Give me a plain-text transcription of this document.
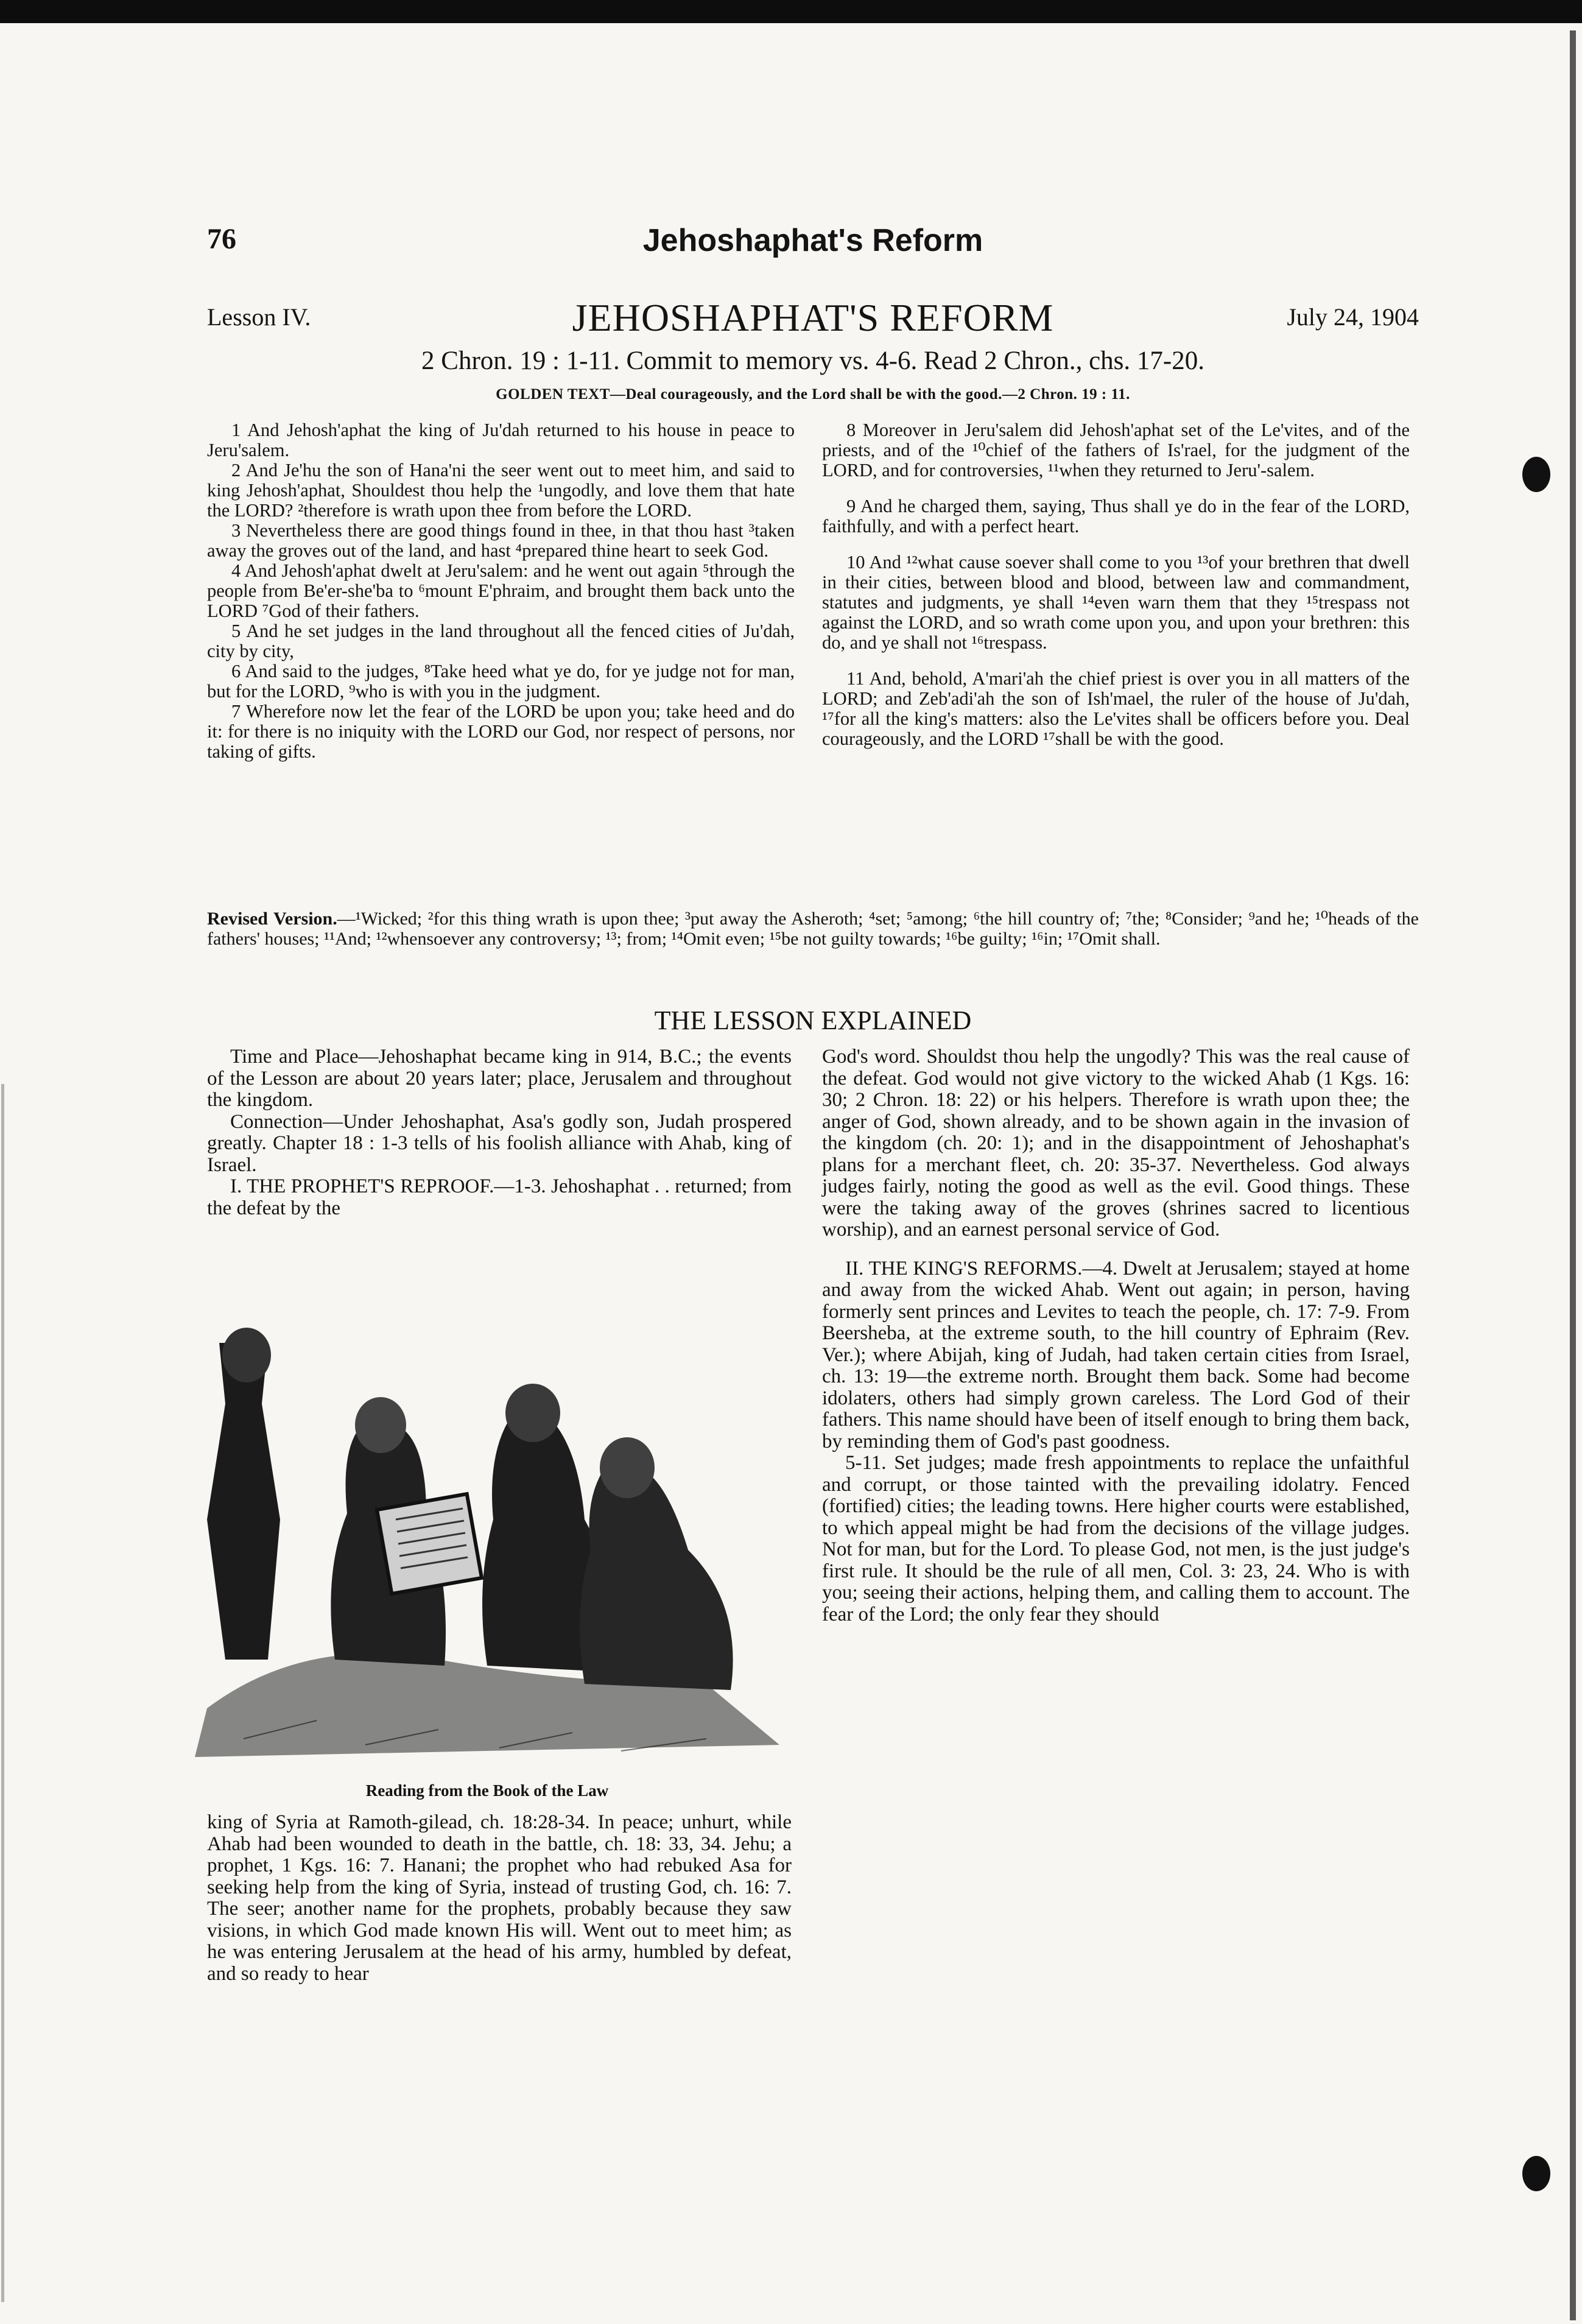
76	Jehoshaphat's Reform
Lesson IV.	JEHOSHAPHAT'S REFORM	July 24, 1904
2 Chron. 19 : 1-11. Commit to memory vs. 4-6. Read 2 Chron., chs. 17-20.
GOLDEN TEXT—Deal courageously, and the Lord shall be with the good.—2 Chron. 19 : 11.

1 And Jehosh'aphat the king of Ju'dah returned to his house in peace to Jeru'salem.

2 And Je'hu the son of Hana'ni the seer went out to meet him, and said to king Jehosh'aphat, Shouldest thou help the ¹ungodly, and love them that hate the LORD? ²therefore is wrath upon thee from before the LORD.

3 Nevertheless there are good things found in thee, in that thou hast ³taken away the groves out of the land, and hast ⁴prepared thine heart to seek God.

4 And Jehosh'aphat dwelt at Jeru'salem: and he went out again ⁵through the people from Be'er-she'ba to ⁶mount E'phraim, and brought them back unto the LORD ⁷God of their fathers.

5 And he set judges in the land throughout all the fenced cities of Ju'dah, city by city,

6 And said to the judges, ⁸Take heed what ye do, for ye judge not for man, but for the LORD, ⁹who is with you in the judgment.

7 Wherefore now let the fear of the LORD be upon you; take heed and do it: for there is no iniquity with the LORD our God, nor respect of persons, nor taking of gifts.

8 Moreover in Jeru'salem did Jehosh'aphat set of the Le'vites, and of the priests, and of the ¹⁰chief of the fathers of Is'rael, for the judgment of the LORD, and for controversies, ¹¹when they returned to Jeru'-salem.

9 And he charged them, saying, Thus shall ye do in the fear of the LORD, faithfully, and with a perfect heart.

10 And ¹²what cause soever shall come to you ¹³of your brethren that dwell in their cities, between blood and blood, between law and commandment, statutes and judgments, ye shall ¹⁴even warn them that they ¹⁵trespass not against the LORD, and so wrath come upon you, and upon your brethren: this do, and ye shall not ¹⁶trespass.

11 And, behold, A'mari'ah the chief priest is over you in all matters of the LORD; and Zeb'adi'ah the son of Ish'mael, the ruler of the house of Ju'dah, ¹⁷for all the king's matters: also the Le'vites shall be officers before you. Deal courageously, and the LORD ¹⁷shall be with the good.

Revised Version.—¹Wicked; ²for this thing wrath is upon thee; ³put away the Asheroth; ⁴set; ⁵among; ⁶the hill country of; ⁷the; ⁸Consider; ⁹and he; ¹⁰heads of the fathers' houses; ¹¹And; ¹²whensoever any controversy; ¹³; from; ¹⁴Omit even; ¹⁵be not guilty towards; ¹⁶be guilty; ¹⁶in; ¹⁷Omit shall.
THE LESSON EXPLAINED

Time and Place—Jehoshaphat became king in 914, B.C.; the events of the Lesson are about 20 years later; place, Jerusalem and throughout the kingdom.

Connection—Under Jehoshaphat, Asa's godly son, Judah prospered greatly. Chapter 18 : 1-3 tells of his foolish alliance with Ahab, king of Israel.

I. THE PROPHET'S REPROOF.—1-3. Jehoshaphat . . returned; from the defeat by the

Reading from the Book of the Law

king of Syria at Ramoth-gilead, ch. 18:28-34. In peace; unhurt, while Ahab had been wounded to death in the battle, ch. 18: 33, 34. Jehu; a prophet, 1 Kgs. 16: 7. Hanani; the prophet who had rebuked Asa for seeking help from the king of Syria, instead of trusting God, ch. 16: 7. The seer; another name for the prophets, probably because they saw visions, in which God made known His will. Went out to meet him; as he was entering Jerusalem at the head of his army, humbled by defeat, and so ready to hear

God's word. Shouldst thou help the ungodly? This was the real cause of the defeat. God would not give victory to the wicked Ahab (1 Kgs. 16: 30; 2 Chron. 18: 22) or his helpers. Therefore is wrath upon thee; the anger of God, shown already, and to be shown again in the invasion of the kingdom (ch. 20: 1); and in the disappointment of Jehoshaphat's plans for a merchant fleet, ch. 20: 35-37. Nevertheless. God always judges fairly, noting the good as well as the evil. Good things. These were the taking away of the groves (shrines sacred to licentious worship), and an earnest personal service of God.

II. THE KING'S REFORMS.—4. Dwelt at Jerusalem; stayed at home and away from the wicked Ahab. Went out again; in person, having formerly sent princes and Levites to teach the people, ch. 17: 7-9. From Beersheba, at the extreme south, to the hill country of Ephraim (Rev. Ver.); where Abijah, king of Judah, had taken certain cities from Israel, ch. 13: 19—the extreme north. Brought them back. Some had become idolaters, others had simply grown careless. The Lord God of their fathers. This name should have been of itself enough to bring them back, by reminding them of God's past goodness.

5-11. Set judges; made fresh appointments to replace the unfaithful and corrupt, or those tainted with the prevailing idolatry. Fenced (fortified) cities; the leading towns. Here higher courts were established, to which appeal might be had from the decisions of the village judges. Not for man, but for the Lord. To please God, not men, is the just judge's first rule. It should be the rule of all men, Col. 3: 23, 24. Who is with you; seeing their actions, helping them, and calling them to account. The fear of the Lord; the only fear they should
